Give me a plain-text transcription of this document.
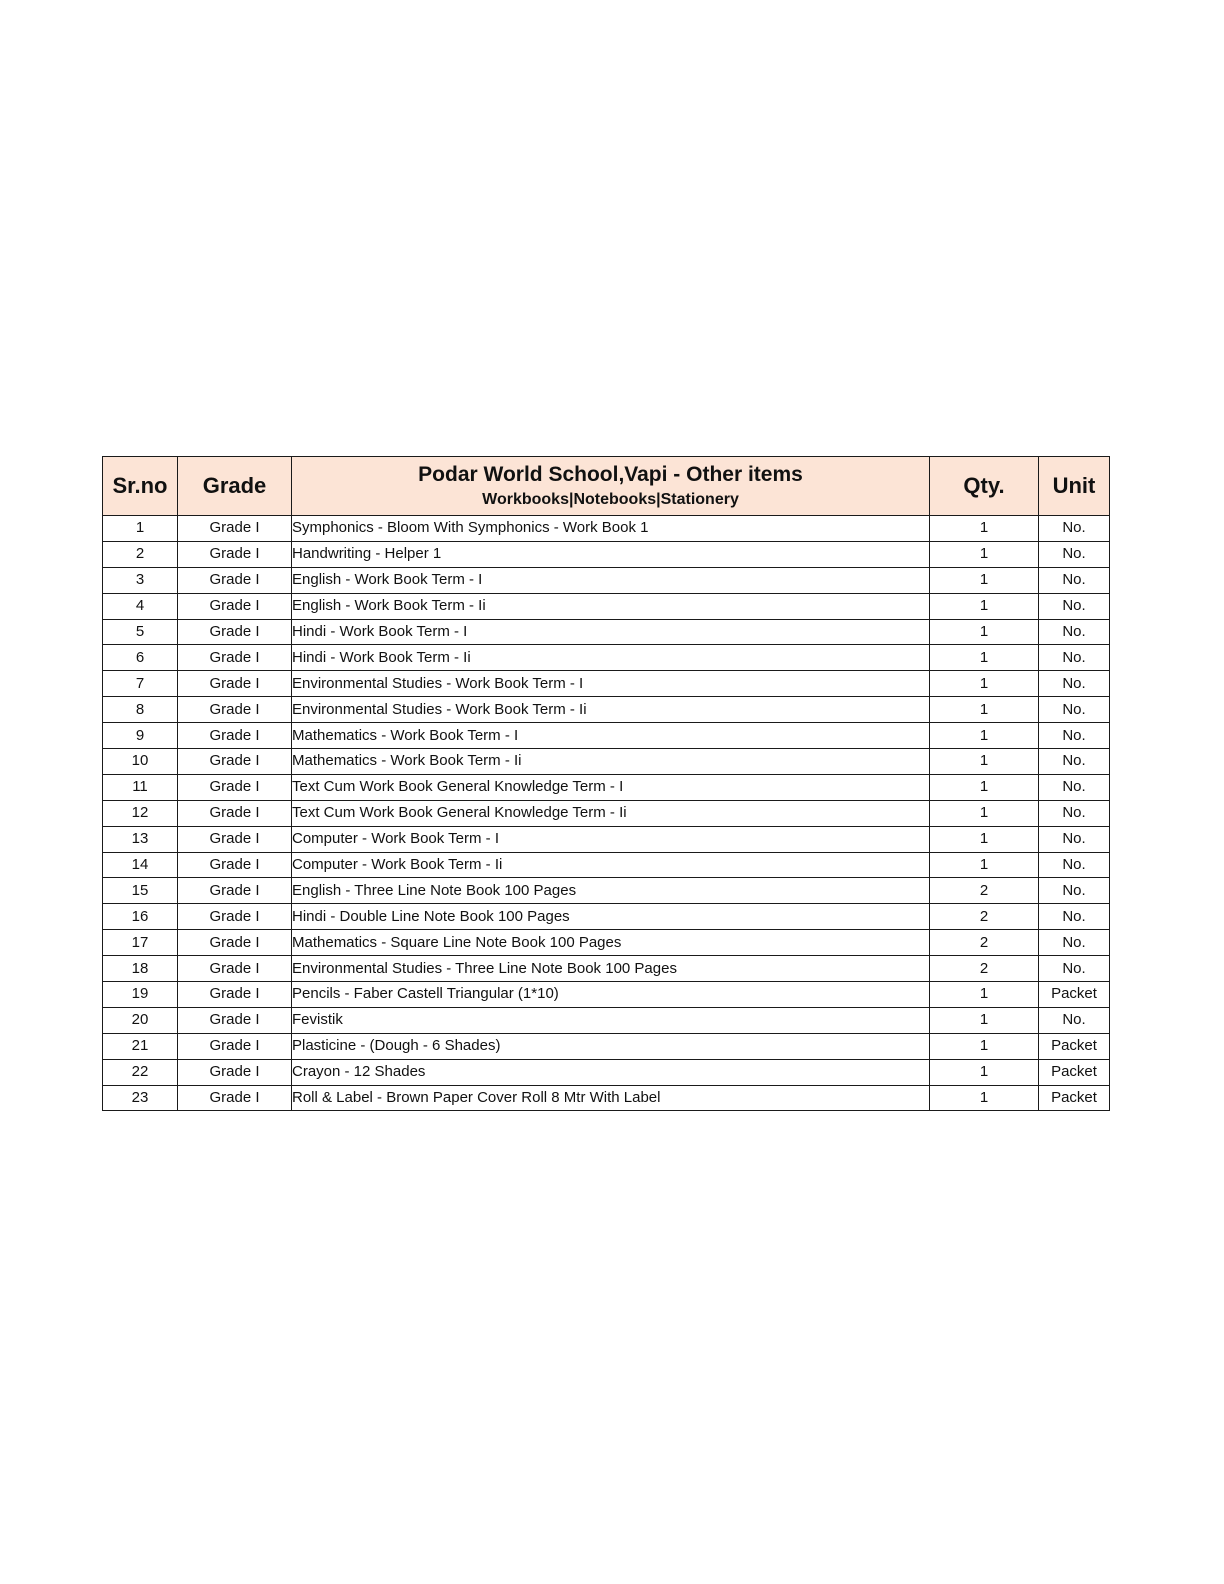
Sr.no	Grade	Podar World School,Vapi - Other items
Workbooks|Notebooks|Stationery	Qty.	Unit
1	Grade I	Symphonics - Bloom With Symphonics - Work Book 1	1	No.
2	Grade I	Handwriting - Helper 1	1	No.
3	Grade I	English - Work Book Term - I	1	No.
4	Grade I	English - Work Book Term - Ii	1	No.
5	Grade I	Hindi - Work Book Term - I	1	No.
6	Grade I	Hindi - Work Book Term - Ii	1	No.
7	Grade I	Environmental Studies - Work Book Term - I	1	No.
8	Grade I	Environmental Studies - Work Book Term - Ii	1	No.
9	Grade I	Mathematics - Work Book Term - I	1	No.
10	Grade I	Mathematics - Work Book Term - Ii	1	No.
11	Grade I	Text Cum Work Book General Knowledge Term - I	1	No.
12	Grade I	Text Cum Work Book General Knowledge Term - Ii	1	No.
13	Grade I	Computer - Work Book Term - I	1	No.
14	Grade I	Computer - Work Book Term - Ii	1	No.
15	Grade I	English - Three Line Note Book 100 Pages	2	No.
16	Grade I	Hindi - Double Line Note Book 100 Pages	2	No.
17	Grade I	Mathematics - Square Line Note Book 100 Pages	2	No.
18	Grade I	Environmental Studies - Three Line Note Book 100 Pages	2	No.
19	Grade I	Pencils - Faber Castell Triangular (1*10)	1	Packet
20	Grade I	Fevistik	1	No.
21	Grade I	Plasticine - (Dough - 6 Shades)	1	Packet
22	Grade I	Crayon - 12 Shades	1	Packet
23	Grade I	Roll & Label - Brown Paper Cover Roll 8 Mtr With Label	1	Packet
